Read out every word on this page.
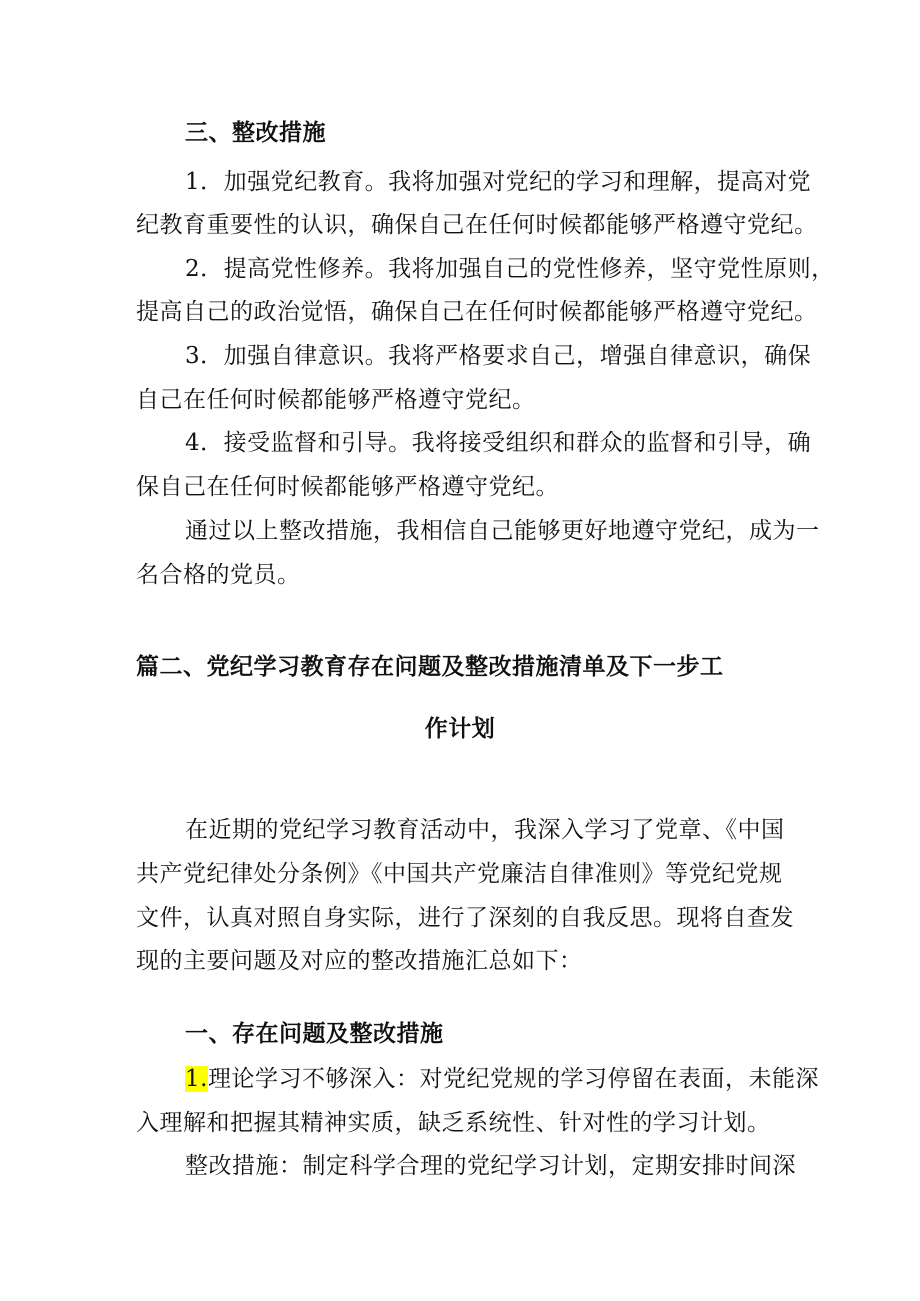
三、整改措施
1．加强党纪教育。我将加强对党纪的学习和理解，提高对党
纪教育重要性的认识，确保自己在任何时候都能够严格遵守党纪。
2．提高党性修养。我将加强自己的党性修养，坚守党性原则，
提高自己的政治觉悟，确保自己在任何时候都能够严格遵守党纪。
3．加强自律意识。我将严格要求自己，增强自律意识，确保
自己在任何时候都能够严格遵守党纪。
4．接受监督和引导。我将接受组织和群众的监督和引导，确
保自己在任何时候都能够严格遵守党纪。
通过以上整改措施，我相信自己能够更好地遵守党纪，成为一
名合格的党员。
篇二、党纪学习教育存在问题及整改措施清单及下一步工
作计划
在近期的党纪学习教育活动中，我深入学习了党章、《中国
共产党纪律处分条例》《中国共产党廉洁自律准则》等党纪党规
文件，认真对照自身实际，进行了深刻的自我反思。现将自查发
现的主要问题及对应的整改措施汇总如下：
一、存在问题及整改措施
1.理论学习不够深入：对党纪党规的学习停留在表面，未能深
入理解和把握其精神实质，缺乏系统性、针对性的学习计划。
整改措施：制定科学合理的党纪学习计划，定期安排时间深
